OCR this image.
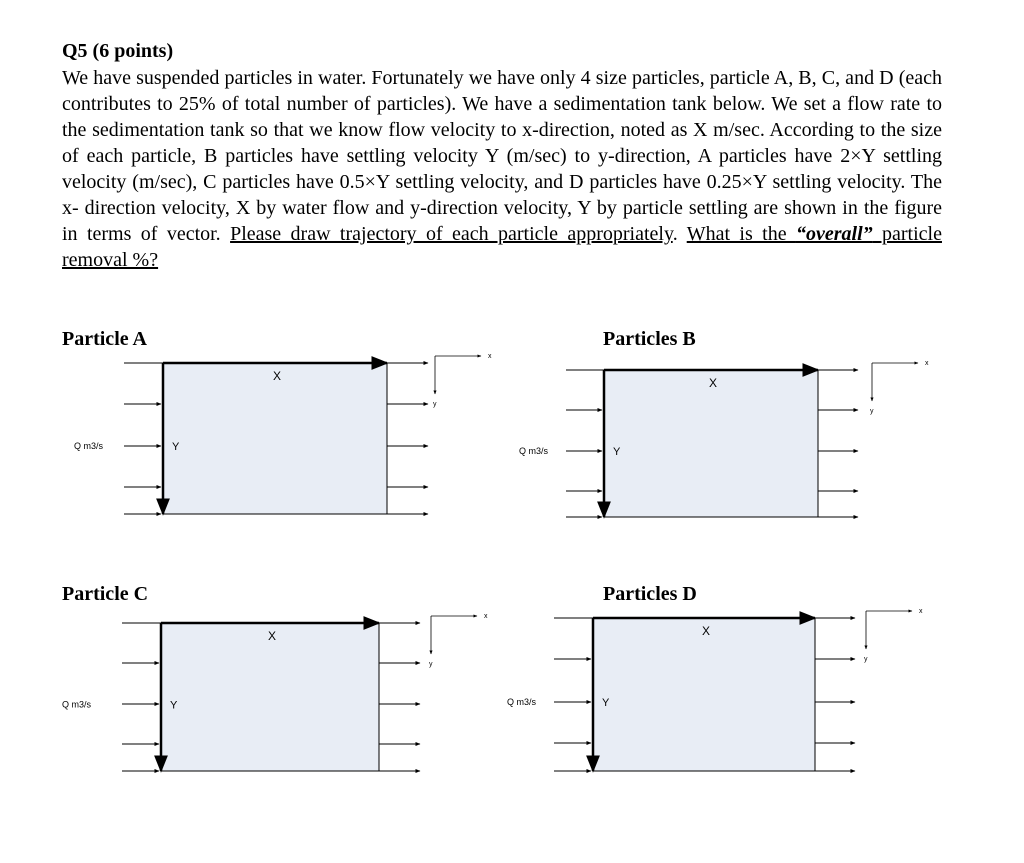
Q5 (6 points)
We have suspended particles in water. Fortunately we have only 4 size particles, particle A, B, C, and D (each contributes to 25% of total number of particles). We have a sedimentation tank below. We set a flow rate to the sedimentation tank so that we know flow velocity to x-direction, noted as X m/sec. According to the size of each particle, B particles have settling velocity Y (m/sec) to y-direction, A particles have 2×Y settling velocity (m/sec), C particles have 0.5×Y settling velocity, and D particles have 0.25×Y settling velocity. The x- direction velocity, X by water flow and y-direction velocity, Y by particle settling are shown in the figure in terms of vector. Please draw trajectory of each particle appropriately. What is the “overall” particle removal %?
Particle A	Particles B
Particle C	Particles D
X
Y
Q m3/s
x
y
X
Y
Q m3/s
x
y
X
Y
Q m3/s
x
y
X
Y
Q m3/s
x
y
